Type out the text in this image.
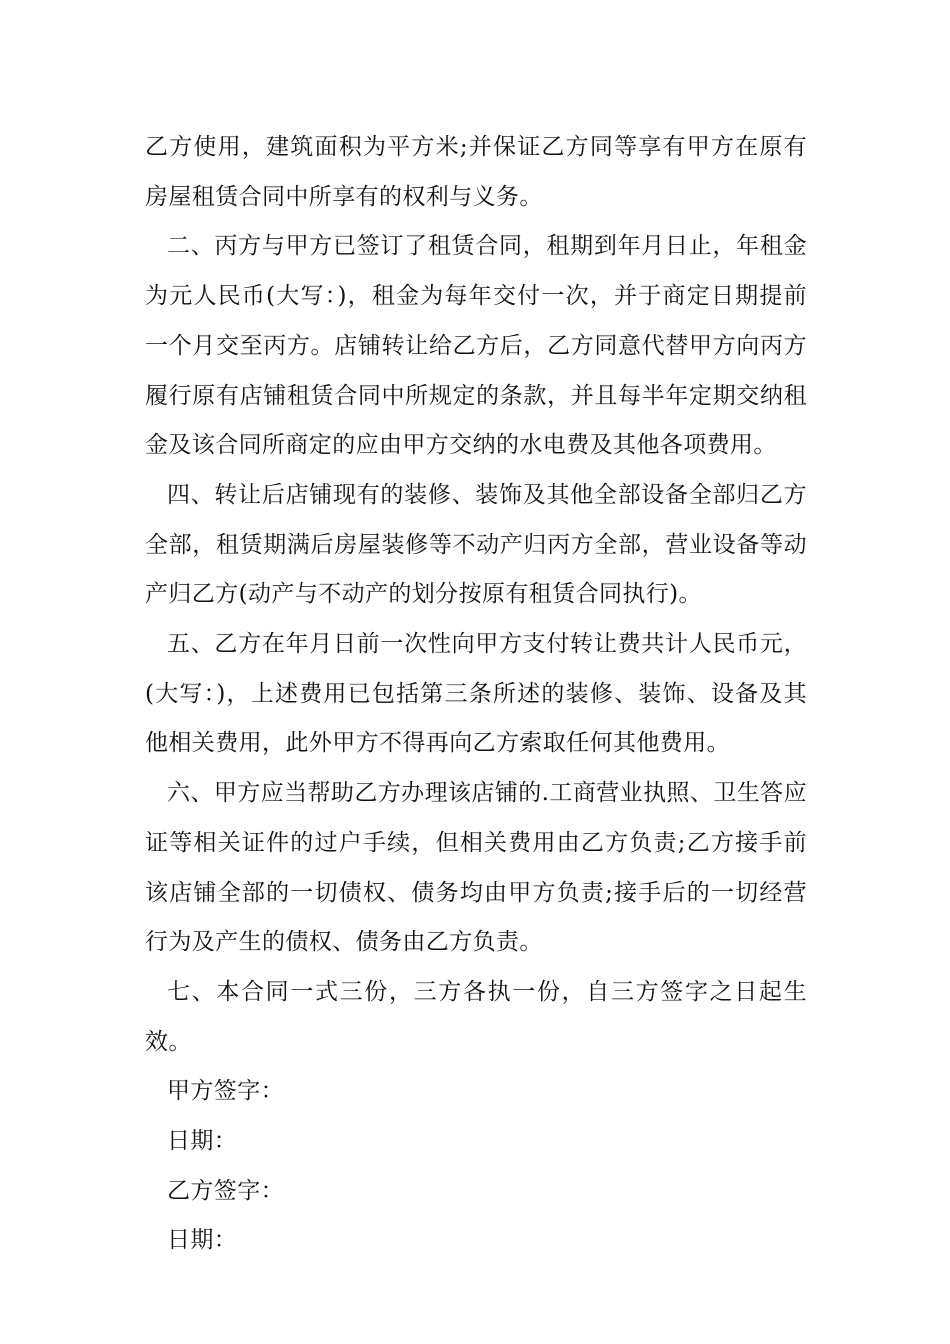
乙方使用，建筑面积为平方米;并保证乙方同等享有甲方在原有房屋租赁合同中所享有的权利与义务。

二、丙方与甲方已签订了租赁合同，租期到年月日止，年租金为元人民币(大写：)，租金为每年交付一次，并于商定日期提前一个月交至丙方。店铺转让给乙方后，乙方同意代替甲方向丙方履行原有店铺租赁合同中所规定的条款，并且每半年定期交纳租金及该合同所商定的应由甲方交纳的水电费及其他各项费用。

四、转让后店铺现有的装修、装饰及其他全部设备全部归乙方全部，租赁期满后房屋装修等不动产归丙方全部，营业设备等动产归乙方(动产与不动产的划分按原有租赁合同执行)。

五、乙方在年月日前一次性向甲方支付转让费共计人民币元，(大写：)，上述费用已包括第三条所述的装修、装饰、设备及其他相关费用，此外甲方不得再向乙方索取任何其他费用。

六、甲方应当帮助乙方办理该店铺的.工商营业执照、卫生答应证等相关证件的过户手续，但相关费用由乙方负责;乙方接手前该店铺全部的一切债权、债务均由甲方负责;接手后的一切经营行为及产生的债权、债务由乙方负责。

七、本合同一式三份，三方各执一份，自三方签字之日起生效。

甲方签字：

日期：

乙方签字：

日期：
